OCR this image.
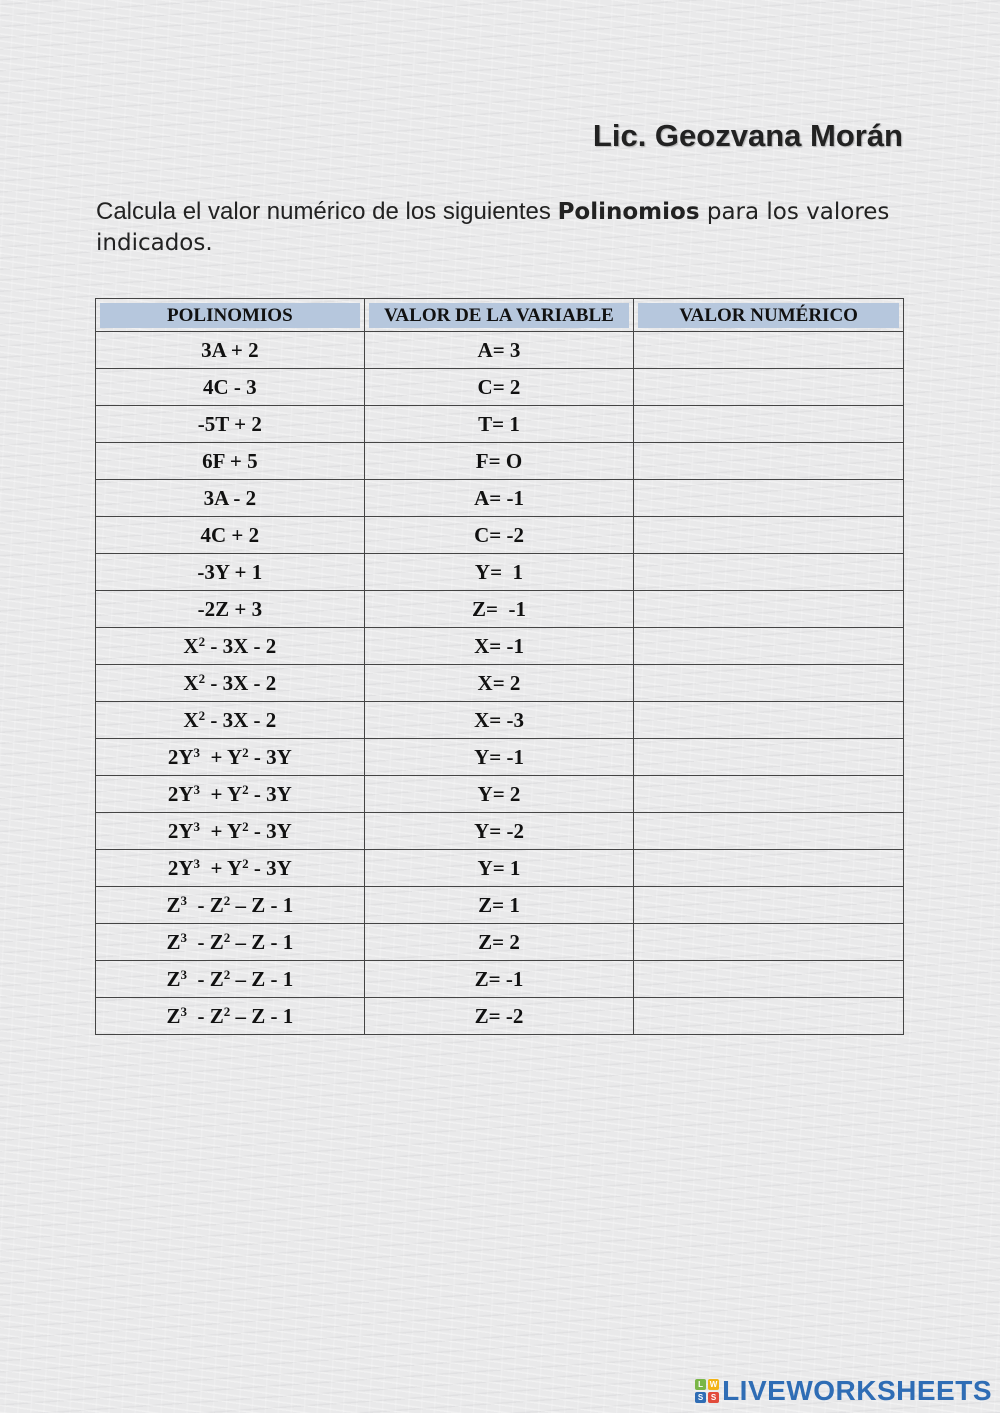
Lic. Geozvana Morán

Calcula el valor numérico de los siguientes Polinomios para los valores indicados.

POLINOMIOS	VALOR DE LA VARIABLE	VALOR NUMÉRICO

3A + 2	A= 3	
4C - 3	C= 2	
-5T + 2	T= 1	
6F + 5	F= O	
3A - 2	A= -1	
4C + 2	C= -2	
-3Y + 1	Y=  1	
-2Z + 3	Z=  -1	
$X^2 - 3X - 2$	X= -1	
$X^2 - 3X - 2$	X= 2	
$X^2 - 3X - 2$	X= -3	
$2Y^3 + Y^2 - 3Y$	Y= -1	
$2Y^3 + Y^2 - 3Y$	Y= 2	
$2Y^3 + Y^2 - 3Y$	Y= -2	
$2Y^3 + Y^2 - 3Y$	Y= 1	
$Z^3 - Z^2$ – Z - 1	Z= 1	
$Z^3 - Z^2$ – Z - 1	Z= 2	
$Z^3 - Z^2$ – Z - 1	Z= -1	
$Z^3 - Z^2$ – Z - 1	Z= -2	
L W
S S LIVEWORKSHEETS
